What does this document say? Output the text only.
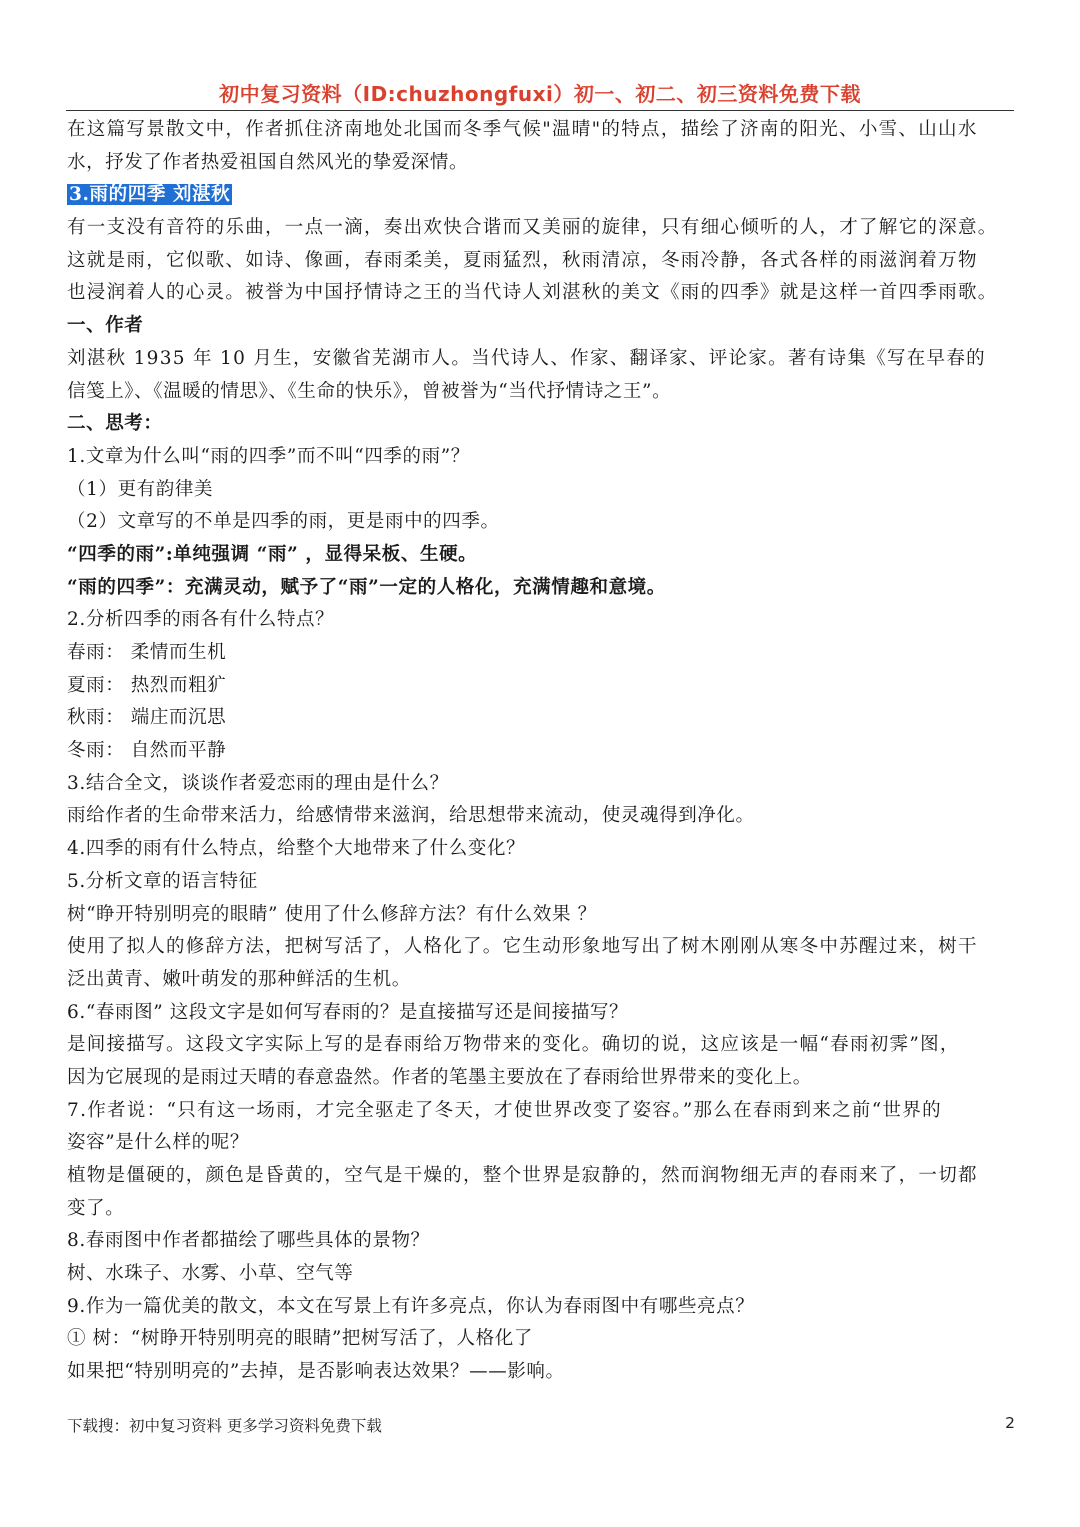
初中复习资料（ID:chuzhongfuxi）初一、初二、初三资料免费下载
在这篇写景散文中，作者抓住济南地处北国而冬季气候"温晴"的特点，描绘了济南的阳光、小雪、山山水
水，抒发了作者热爱祖国自然风光的挚爱深情。
3.雨的四季 刘湛秋
有一支没有音符的乐曲，一点一滴，奏出欢快合谐而又美丽的旋律，只有细心倾听的人，才了解它的深意。
这就是雨，它似歌、如诗、像画，春雨柔美，夏雨猛烈，秋雨清凉，冬雨冷静，各式各样的雨滋润着万物
也浸润着人的心灵。被誉为中国抒情诗之王的当代诗人刘湛秋的美文《雨的四季》就是这样一首四季雨歌。
一、作者
刘湛秋 1935 年 10 月生，安徽省芜湖市人。当代诗人、作家、翻译家、评论家。著有诗集《写在早春的
信笺上》、《温暖的情思》、《生命的快乐》，曾被誉为“当代抒情诗之王”。
二、思考：
1.文章为什么叫“雨的四季”而不叫“四季的雨”？
（1）更有韵律美
（2）文章写的不单是四季的雨，更是雨中的四季。
“四季的雨”:单纯强调 “雨” ，显得呆板、生硬。
“雨的四季”：充满灵动，赋予了“雨”一定的人格化，充满情趣和意境。
2.分析四季的雨各有什么特点？
春雨： 柔情而生机
夏雨： 热烈而粗犷
秋雨： 端庄而沉思
冬雨： 自然而平静
3.结合全文，谈谈作者爱恋雨的理由是什么？
雨给作者的生命带来活力，给感情带来滋润，给思想带来流动，使灵魂得到净化。
4.四季的雨有什么特点，给整个大地带来了什么变化？
5.分析文章的语言特征
树“睁开特别明亮的眼睛” 使用了什么修辞方法？有什么效果 ？
使用了拟人的修辞方法，把树写活了，人格化了。它生动形象地写出了树木刚刚从寒冬中苏醒过来，树干
泛出黄青、嫩叶萌发的那种鲜活的生机。
6.“春雨图” 这段文字是如何写春雨的？是直接描写还是间接描写？
是间接描写。这段文字实际上写的是春雨给万物带来的变化。确切的说，这应该是一幅“春雨初霁”图，
因为它展现的是雨过天晴的春意盎然。作者的笔墨主要放在了春雨给世界带来的变化上。
7.作者说：“只有这一场雨，才完全驱走了冬天，才使世界改变了姿容。”那么在春雨到来之前“世界的
姿容”是什么样的呢？
植物是僵硬的，颜色是昏黄的，空气是干燥的，整个世界是寂静的，然而润物细无声的春雨来了，一切都
变了。
8.春雨图中作者都描绘了哪些具体的景物？
树、水珠子、水雾、小草、空气等
9.作为一篇优美的散文，本文在写景上有许多亮点，你认为春雨图中有哪些亮点？
① 树：“树睁开特别明亮的眼睛”把树写活了，人格化了
如果把“特别明亮的”去掉，是否影响表达效果？——影响。
下载搜：初中复习资料 更多学习资料免费下载	2
